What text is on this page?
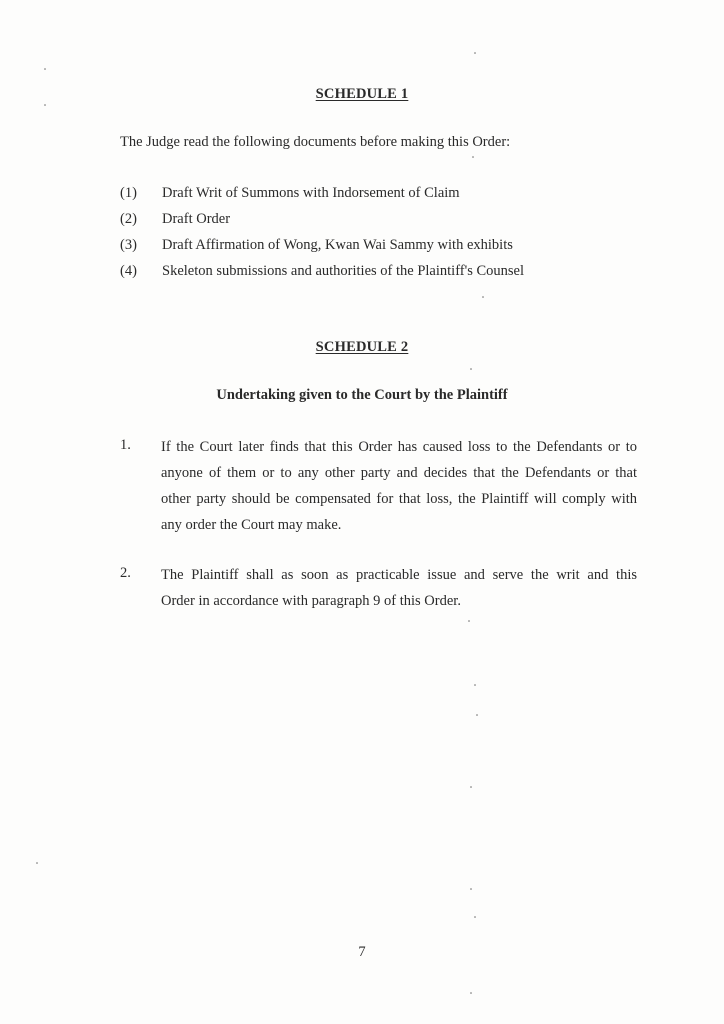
SCHEDULE 1
The Judge read the following documents before making this Order:
(1) Draft Writ of Summons with Indorsement of Claim
(2) Draft Order
(3) Draft Affirmation of Wong, Kwan Wai Sammy with exhibits
(4) Skeleton submissions and authorities of the Plaintiff's Counsel
SCHEDULE 2
Undertaking given to the Court by the Plaintiff
1. If the Court later finds that this Order has caused loss to the Defendants or to
anyone of them or to any other party and decides that the Defendants or that
other party should be compensated for that loss, the Plaintiff will comply with
any order the Court may make.
2. The Plaintiff shall as soon as practicable issue and serve the writ and this
Order in accordance with paragraph 9 of this Order.
7
